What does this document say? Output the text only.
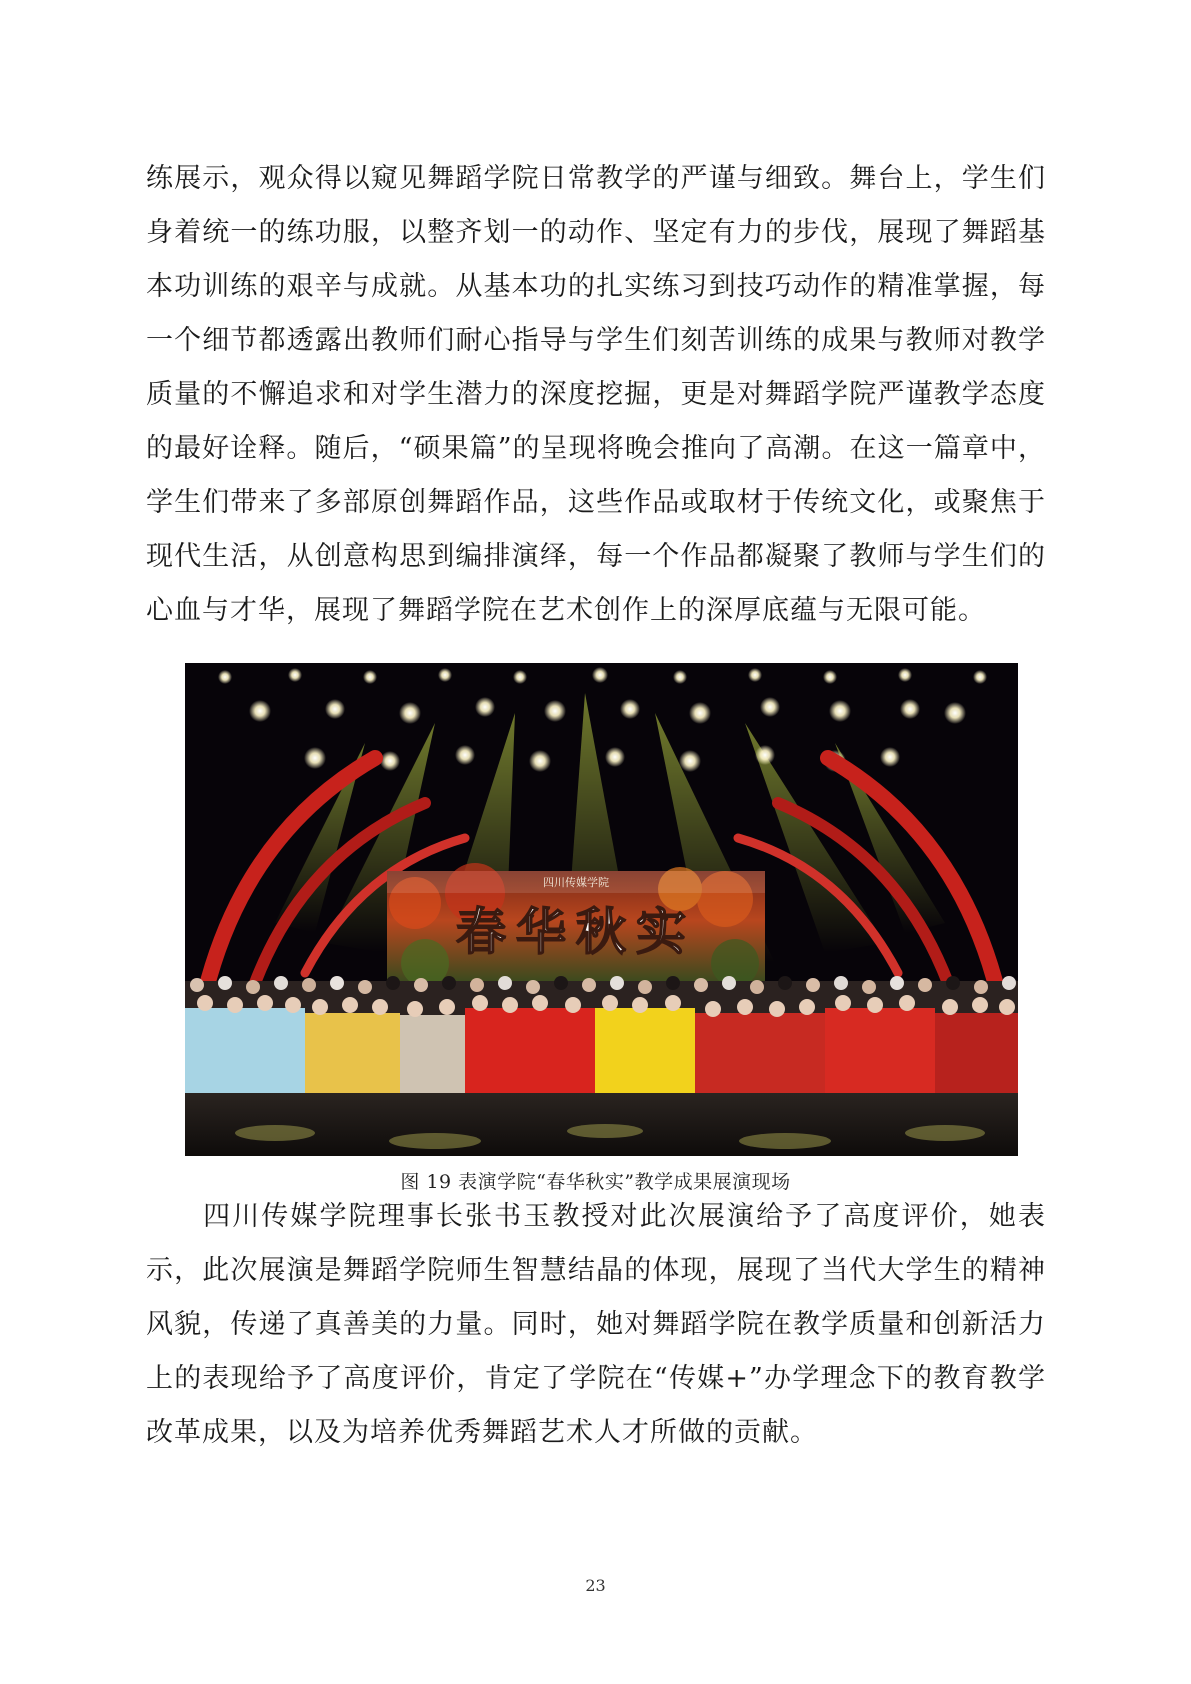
练展示，观众得以窥见舞蹈学院日常教学的严谨与细致。舞台上，学生们身着统一的练功服，以整齐划一的动作、坚定有力的步伐，展现了舞蹈基本功训练的艰辛与成就。从基本功的扎实练习到技巧动作的精准掌握，每一个细节都透露出教师们耐心指导与学生们刻苦训练的成果与教师对教学质量的不懈追求和对学生潜力的深度挖掘，更是对舞蹈学院严谨教学态度的最好诠释。随后，“硕果篇”的呈现将晚会推向了高潮。在这一篇章中，学生们带来了多部原创舞蹈作品，这些作品或取材于传统文化，或聚焦于现代生活，从创意构思到编排演绎，每一个作品都凝聚了教师与学生们的心血与才华，展现了舞蹈学院在艺术创作上的深厚底蕴与无限可能。

四川传媒学院
春华秋实
图 19 表演学院“春华秋实”教学成果展演现场

四川传媒学院理事长张书玉教授对此次展演给予了高度评价，她表示，此次展演是舞蹈学院师生智慧结晶的体现，展现了当代大学生的精神风貌，传递了真善美的力量。同时，她对舞蹈学院在教学质量和创新活力上的表现给予了高度评价，肯定了学院在“传媒+”办学理念下的教育教学改革成果，以及为培养优秀舞蹈艺术人才所做的贡献。

23
